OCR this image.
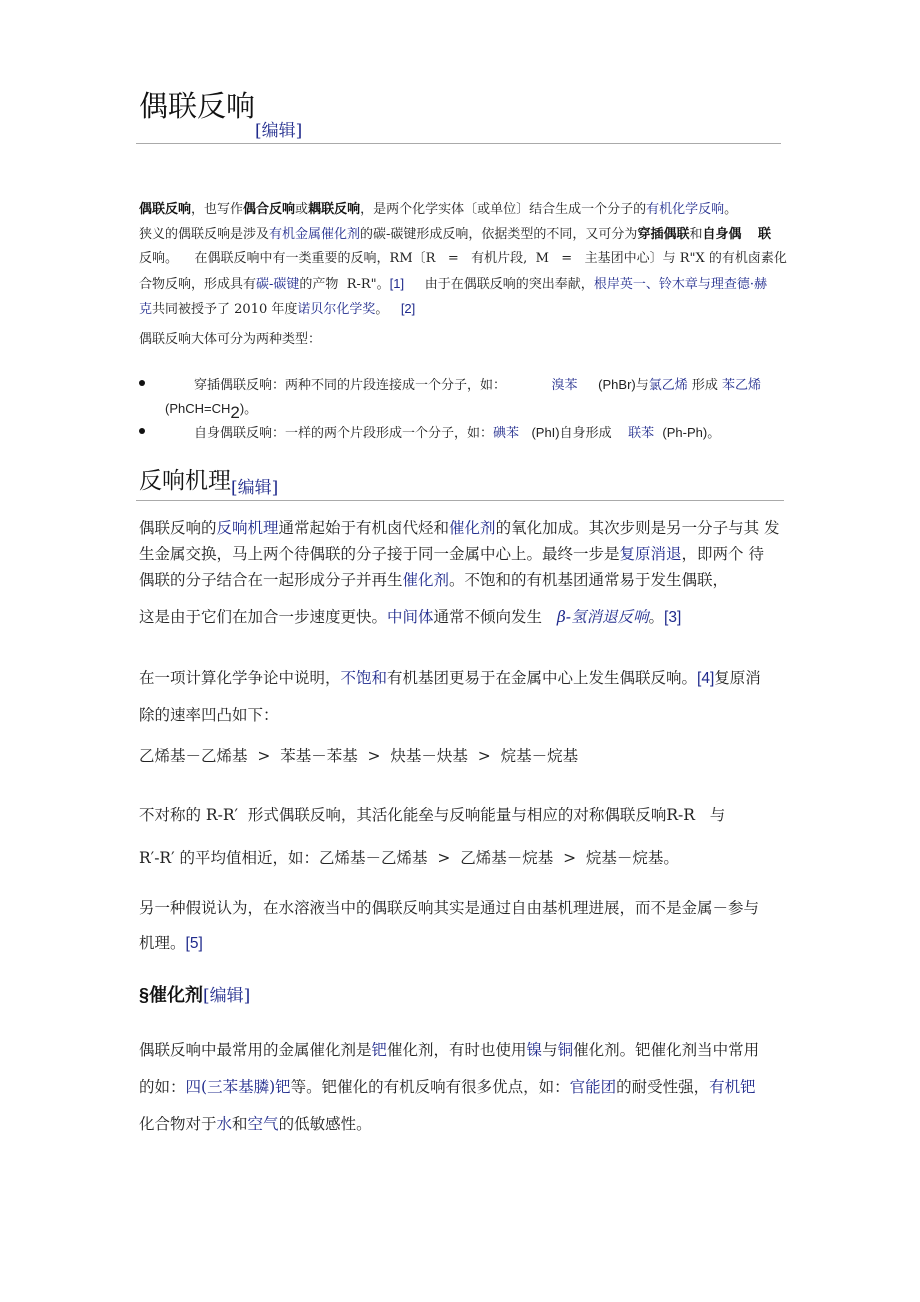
偶联反响$_{[编辑]}$
偶联反响，也写作偶合反响或耦联反响，是两个化学实体〔或单位〕结合生成一个分子的有机化学反响。
狭义的偶联反响是涉及有机金属催化剂的碳-碳键形成反响，依据类型的不同，又可分为穿插偶联和自身偶 联
反响。 在偶联反响中有一类重要的反响，RM〔R = 有机片段, M = 主基团中心〕与 R"X 的有机卤素化
合物反响，形成具有碳-碳键的产物 R-R"。[1] 由于在偶联反响的突出奉献，根岸英一、铃木章与理查德·赫
克共同被授予了 2010 年度诺贝尔化学奖。 [2]
偶联反响大体可分为两种类型：
穿插偶联反响：两种不同的片段连接成一个分子，如：	溴苯 (PhBr)与氯乙烯 形成 苯乙烯
(PhCH=CH2)。
自身偶联反响：一样的两个片段形成一个分子，如：碘苯 (PhI)自身形成 联苯 (Ph-Ph)。
反响机理$_{[编辑]}$
偶联反响的反响机理通常起始于有机卤代烃和催化剂的氧化加成。其次步则是另一分子与其 发
生金属交换，马上两个待偶联的分子接于同一金属中心上。最终一步是复原消退，即两个 待
偶联的分子结合在一起形成分子并再生催化剂。不饱和的有机基团通常易于发生偶联，
这是由于它们在加合一步速度更快。中间体通常不倾向发生 β-氢消退反响。[3]
在一项计算化学争论中说明，不饱和有机基团更易于在金属中心上发生偶联反响。[4]复原消
除的速率凹凸如下：
乙烯基－乙烯基  >  苯基－苯基  >  炔基－炔基  >  烷基－烷基
不对称的 R-R′  形式偶联反响，其活化能垒与反响能量与相应的对称偶联反响R-R   与
R′-R′ 的平均值相近，如：乙烯基－乙烯基  >  乙烯基－烷基  >  烷基－烷基。
另一种假说认为，在水溶液当中的偶联反响其实是通过自由基机理进展，而不是金属－参与
机理。[5]
§催化剂[编辑]
偶联反响中最常用的金属催化剂是钯催化剂，有时也使用镍与铜催化剂。钯催化剂当中常用
的如：四(三苯基膦)钯等。钯催化的有机反响有很多优点，如：官能团的耐受性强，有机钯
化合物对于水和空气的低敏感性。
